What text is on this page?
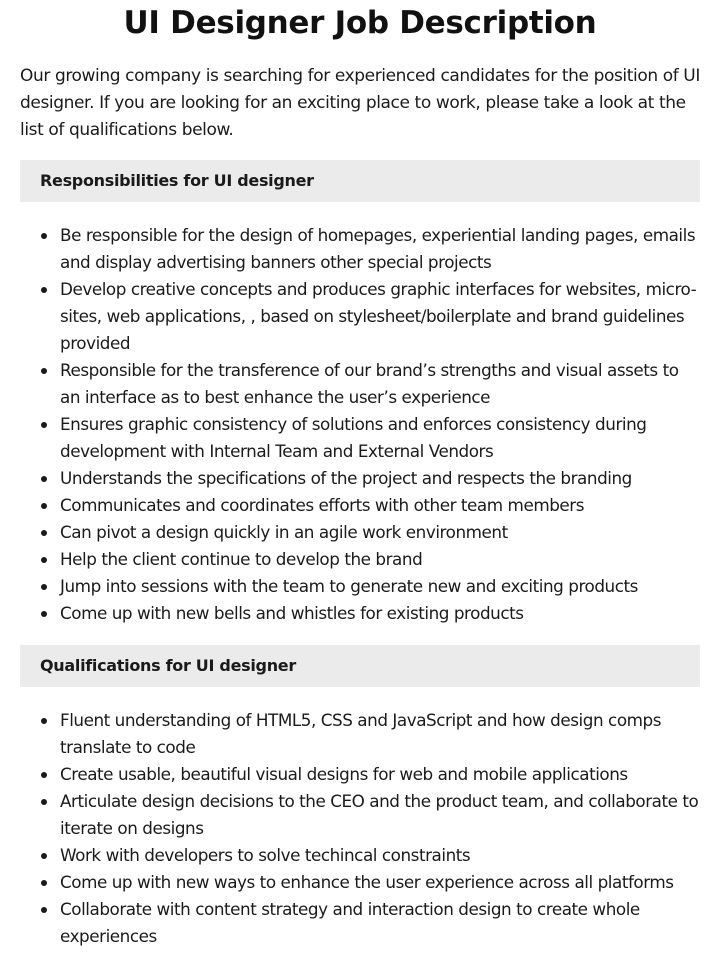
UI Designer Job Description

Our growing company is searching for experienced candidates for the position of UI designer. If you are looking for an exciting place to work, please take a look at the list of qualifications below.

Responsibilities for UI designer
Be responsible for the design of homepages, experiential landing pages, emails and display advertising banners other special projects
Develop creative concepts and produces graphic interfaces for websites, micro-sites, web applications, , based on stylesheet/boilerplate and brand guidelines provided
Responsible for the transference of our brand’s strengths and visual assets to an interface as to best enhance the user’s experience
Ensures graphic consistency of solutions and enforces consistency during development with Internal Team and External Vendors
Understands the specifications of the project and respects the branding
Communicates and coordinates efforts with other team members
Can pivot a design quickly in an agile work environment
Help the client continue to develop the brand
Jump into sessions with the team to generate new and exciting products
Come up with new bells and whistles for existing products
Qualifications for UI designer
Fluent understanding of HTML5, CSS and JavaScript and how design comps translate to code
Create usable, beautiful visual designs for web and mobile applications
Articulate design decisions to the CEO and the product team, and collaborate to iterate on designs
Work with developers to solve techincal constraints
Come up with new ways to enhance the user experience across all platforms
Collaborate with content strategy and interaction design to create whole experiences
